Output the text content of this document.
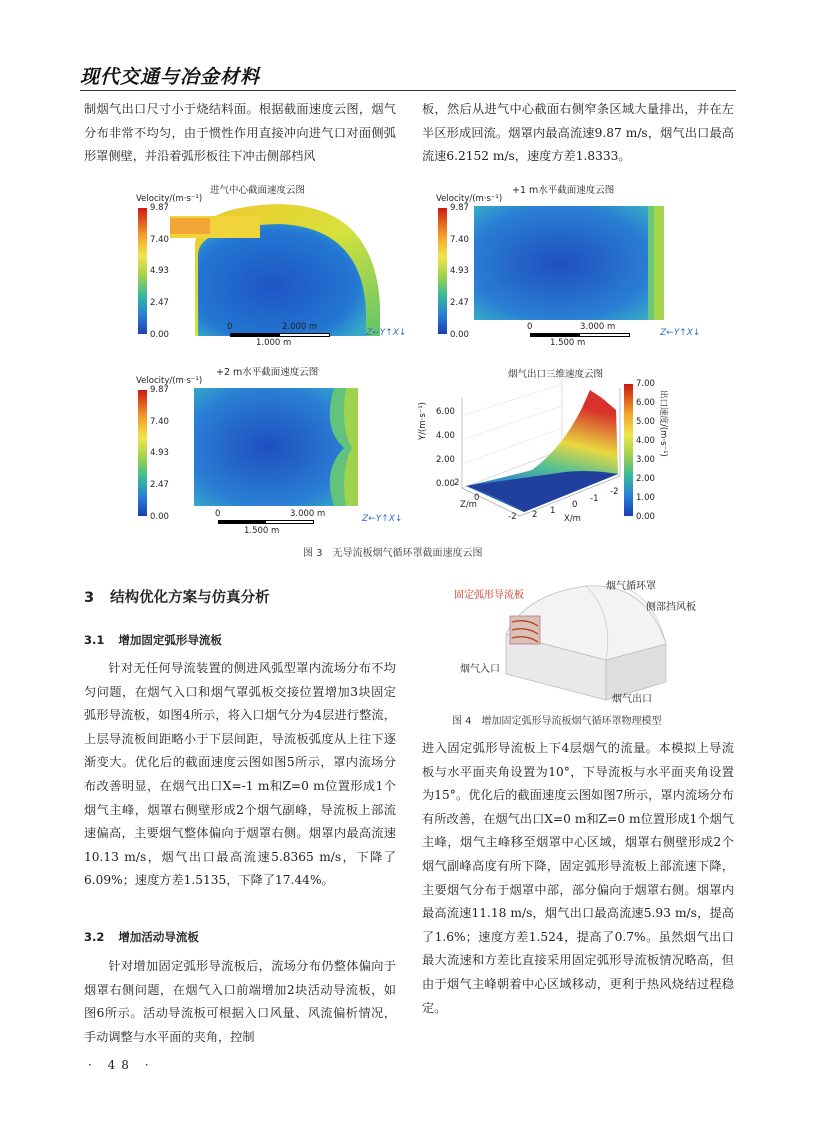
现代交通与冶金材料

制烟气出口尺寸小于烧结料面。根据截面速度云图，烟气分布非常不均匀，由于惯性作用直接冲向进气口对面侧弧形罩侧壁，并沿着弧形板往下冲击侧部档风

板，然后从进气中心截面右侧窄条区域大量排出，并在左半区形成回流。烟罩内最高流速9.87 m/s，烟气出口最高流速6.2152 m/s，速度方差1.8333。

进气中心截面速度云图
Velocity/(m·s⁻¹)
9.87
7.40
4.93
2.47
0.00
0	2.000 m
1.000 m
Z←Y↑X↓
+1 m水平截面速度云图
Velocity/(m·s⁻¹)
9.87
7.40
4.93
2.47
0.00
0	3.000 m
1.500 m
Z←Y↑X↓
+2 m水平截面速度云图
Velocity/(m·s⁻¹)
9.87
7.40
4.93
2.47
0.00	0	3.000 m
1.500 m
Z←Y↑X↓
烟气出口三维速度云图
6.00
4.00
2.00
0.00
Y/(m·s⁻¹)
Z/m
X/m
2
0
-2 2 1
0
-1
-2
7.00
6.00
5.00
4.00
3.00
2.00
1.00
0.00
出口速度/(m·s⁻¹)
图 3　无导流板烟气循环罩截面速度云图
3 结构优化方案与仿真分析
3.1 增加固定弧形导流板

针对无任何导流装置的侧进风弧型罩内流场分布不均匀问题，在烟气入口和烟气罩弧板交接位置增加3块固定弧形导流板，如图4所示，将入口烟气分为4层进行整流，上层导流板间距略小于下层间距，导流板弧度从上往下逐渐变大。优化后的截面速度云图如图5所示，罩内流场分布改善明显，在烟气出口X=-1 m和Z=0 m位置形成1个烟气主峰，烟罩右侧壁形成2个烟气副峰，导流板上部流速偏高，主要烟气整体偏向于烟罩右侧。烟罩内最高流速10.13 m/s，烟气出口最高流速5.8365 m/s，下降了6.09%；速度方差1.5135，下降了17.44%。

3.2 增加活动导流板

针对增加固定弧形导流板后，流场分布仍整体偏向于烟罩右侧问题，在烟气入口前端增加2块活动导流板，如图6所示。活动导流板可根据入口风量、风流偏析情况，手动调整与水平面的夹角，控制

固定弧形导流板
烟气循环罩
侧部挡风板
烟气入口
烟气出口
图 4　增加固定弧形导流板烟气循环罩物理模型

进入固定弧形导流板上下4层烟气的流量。本模拟上导流板与水平面夹角设置为10°，下导流板与水平面夹角设置为15°。优化后的截面速度云图如图7所示，罩内流场分布有所改善，在烟气出口X=0 m和Z=0 m位置形成1个烟气主峰，烟气主峰移至烟罩中心区域，烟罩右侧壁形成2个烟气副峰高度有所下降，固定弧形导流板上部流速下降，主要烟气分布于烟罩中部，部分偏向于烟罩右侧。烟罩内最高流速11.18 m/s，烟气出口最高流速5.93 m/s，提高了1.6%；速度方差1.524，提高了0.7%。虽然烟气出口最大流速和方差比直接采用固定弧形导流板情况略高，但由于烟气主峰朝着中心区域移动，更利于热风烧结过程稳定。

· 48 ·
